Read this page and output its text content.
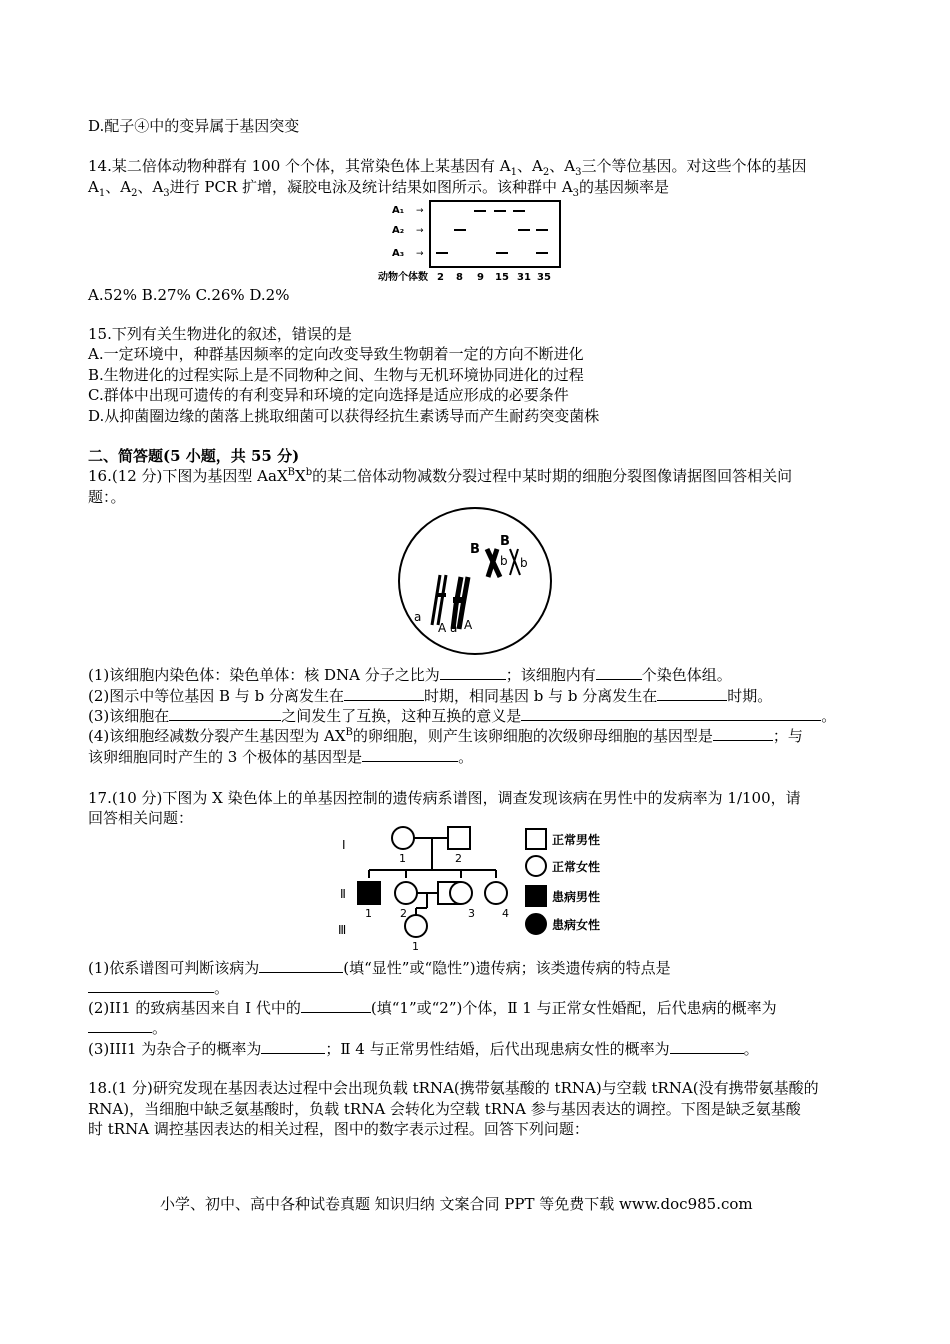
D.配子④中的变异属于基因突变
14.某二倍体动物种群有 100 个个体，其常染色体上某基因有 $A_1$、$A_2$、$A_3$三个等位基因。对这些个体的基因
$A_1$、$A_2$、$A_3$进行 PCR 扩增，凝胶电泳及统计结果如图所示。该种群中 $A_3$的基因频率是
A₁ →
A₂ →
A₃ →
动物个体数 2 8 9 15 31 35
A.52% B.27% C.26% D.2%
15.下列有关生物进化的叙述，错误的是
A.一定环境中，种群基因频率的定向改变导致生物朝着一定的方向不断进化
B.生物进化的过程实际上是不同物种之间、生物与无机环境协同进化的过程
C.群体中出现可遗传的有利变异和环境的定向选择是适应形成的必要条件
D.从抑菌圈边缘的菌落上挑取细菌可以获得经抗生素诱导而产生耐药突变菌株
二、简答题(5 小题，共 55 分)
16.(12 分)下图为基因型 $AaX^BX^b$的某二倍体动物减数分裂过程中某时期的细胞分裂图像请据图回答相关问
题：。
a
A a A
B
B
b b
(1)该细胞内染色体：染色单体：核 DNA 分子之比为	；该细胞内有	个染色体组。
(2)图示中等位基因 B 与 b 分离发生在	时期，相同基因 b 与 b 分离发生在	时期。
(3)该细胞在	之间发生了互换，这种互换的意义是	。
(4)该细胞经减数分裂产生基因型为 $AX^B$的卵细胞，则产生该卵细胞的次级卵母细胞的基因型是	；与
该卵细胞同时产生的 3 个极体的基因型是	。
17.(10 分)下图为 X 染色体上的单基因控制的遗传病系谱图，调查发现该病在男性中的发病率为 1/100，请
回答相关问题：
Ⅰ
Ⅱ
Ⅲ
1	2
1	2	3 4
1
正常男性
正常女性
患病男性
患病女性
(1)依系谱图可判断该病为	(填“显性”或“隐性”)遗传病；该类遗传病的特点是
。
(2)II1 的致病基因来自 I 代中的	(填“1”或“2”)个体，Ⅱ 1 与正常女性婚配，后代患病的概率为
。
(3)III1 为杂合子的概率为	；Ⅱ 4 与正常男性结婚，后代出现患病女性的概率为	。
18.(1 分)研究发现在基因表达过程中会出现负载 tRNA(携带氨基酸的 tRNA)与空载 tRNA(没有携带氨基酸的
RNA)，当细胞中缺乏氨基酸时，负载 tRNA 会转化为空载 tRNA 参与基因表达的调控。下图是缺乏氨基酸
时 tRNA 调控基因表达的相关过程，图中的数字表示过程。回答下列问题：
小学、初中、高中各种试卷真题 知识归纳 文案合同 PPT 等免费下载 www.doc985.com
